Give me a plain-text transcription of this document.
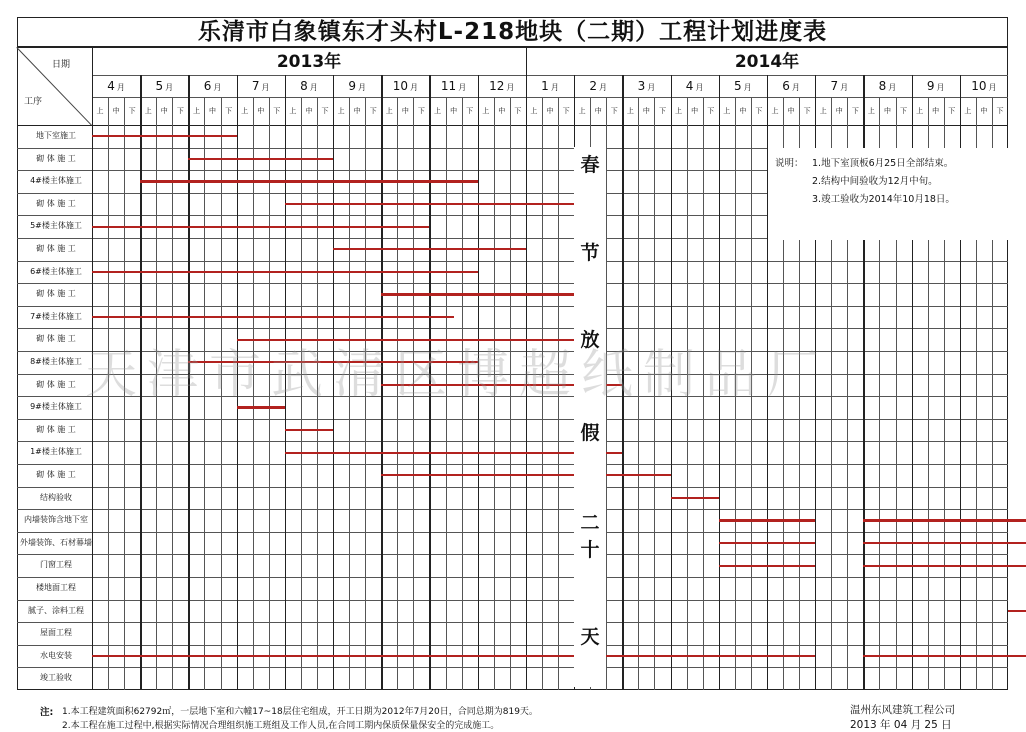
乐清市白象镇东才头村L-218地块（二期）工程计划进度表
日期
工序
2013年	2014年
4 月	5 月	6 月	7 月	8 月	9 月	10 月	11 月	12 月	1 月	2 月	3 月	4 月	5 月	6 月	7 月	8 月	9 月	10 月
上	中	下	上	中	下	上	中	下	上	中	下	上	中	下	上	中	下	上	中	下	上	中	下	上	中	下	上	中	下	上	中	下	上	中	下	上	中	下	上	中	下	上	中	下	上	中	下	上	中	下	上	中	下	上	中	下
地下室施工
砌 体 施 工
4#楼主体施工
砌 体 施 工
5#楼主体施工
砌 体 施 工
6#楼主体施工
砌 体 施 工
7#楼主体施工
砌 体 施 工
8#楼主体施工
砌 体 施 工
9#楼主体施工
砌 体 施 工
1#楼主体施工
砌 体 施 工
结构验收
内墙装饰含地下室
外墙装饰、石材幕墙
门窗工程
楼地面工程
腻子、涂料工程
屋面工程
水电安装
竣工验收
春
节
放
假
二
十
天
说明： 1.地下室顶板6月25日全部结束。
2.结构中间验收为12月中旬。
3.竣工验收为2014年10月18日。
天津市武清区博超纸制品厂
注: 1.本工程建筑面积62792㎡，一层地下室和六幢17~18层住宅组成，开工日期为2012年7月20日，合同总期为819天。
2.本工程在施工过程中,根据实际情况合理组织施工班组及工作人员,在合同工期内保质保量保安全的完成施工。
温州东风建筑工程公司
2013 年 04 月 25 日
